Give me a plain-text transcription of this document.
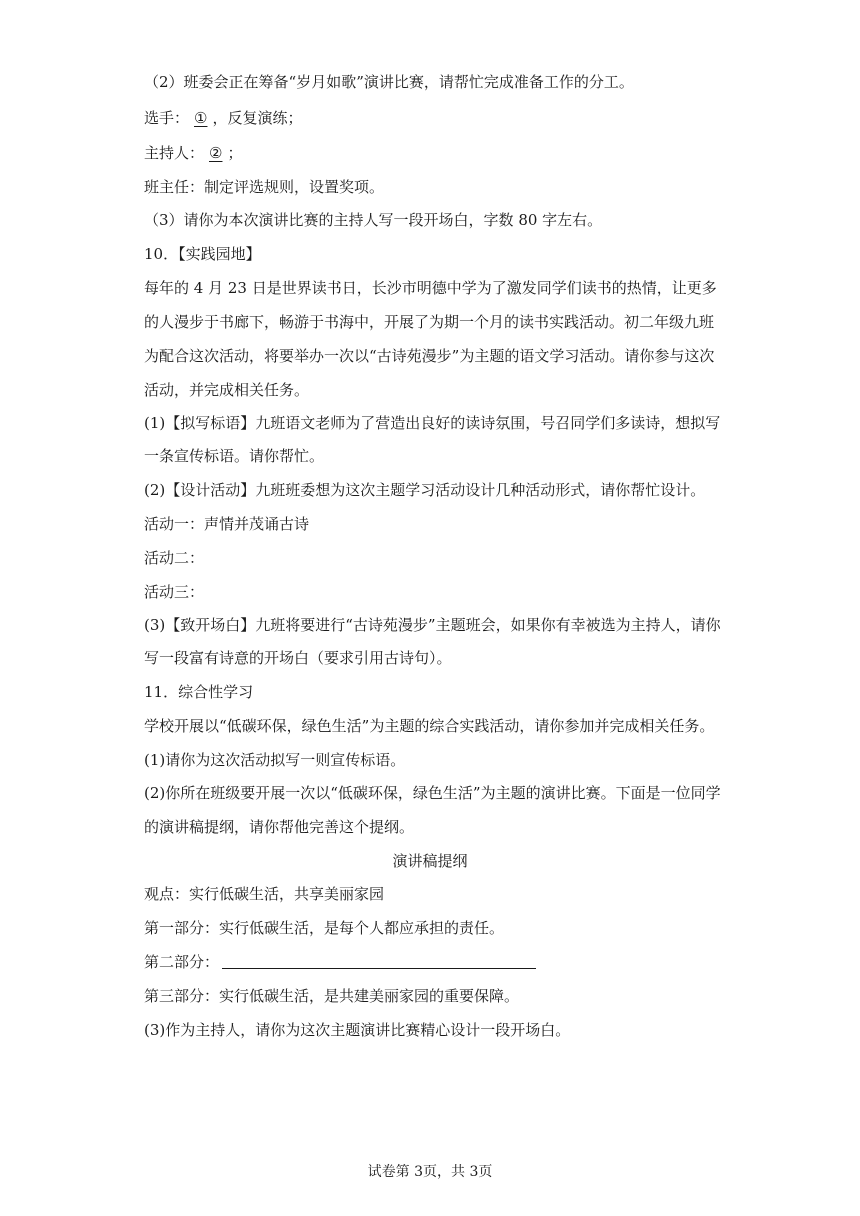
（2）班委会正在筹备“岁月如歌”演讲比赛，请帮忙完成准备工作的分工。
选手： ① ，反复演练；
主持人： ② ；
班主任：制定评选规则，设置奖项。
（3）请你为本次演讲比赛的主持人写一段开场白，字数 80 字左右。
10．【实践园地】
每年的 4 月 23 日是世界读书日，长沙市明德中学为了激发同学们读书的热情，让更多
的人漫步于书廊下，畅游于书海中，开展了为期一个月的读书实践活动。初二年级九班
为配合这次活动，将要举办一次以“古诗苑漫步”为主题的语文学习活动。请你参与这次
活动，并完成相关任务。
(1)【拟写标语】九班语文老师为了营造出良好的读诗氛围，号召同学们多读诗，想拟写
一条宣传标语。请你帮忙。
(2)【设计活动】九班班委想为这次主题学习活动设计几种活动形式，请你帮忙设计。
活动一：声情并茂诵古诗
活动二：
活动三：
(3)【致开场白】九班将要进行“古诗苑漫步”主题班会，如果你有幸被选为主持人，请你
写一段富有诗意的开场白（要求引用古诗句）。
11．综合性学习
学校开展以“低碳环保，绿色生活”为主题的综合实践活动，请你参加并完成相关任务。
(1)请你为这次活动拟写一则宣传标语。
(2)你所在班级要开展一次以“低碳环保，绿色生活”为主题的演讲比赛。下面是一位同学
的演讲稿提纲，请你帮他完善这个提纲。
演讲稿提纲
观点：实行低碳生活，共享美丽家园
第一部分：实行低碳生活，是每个人都应承担的责任。
第二部分：
第三部分：实行低碳生活，是共建美丽家园的重要保障。
(3)作为主持人，请你为这次主题演讲比赛精心设计一段开场白。
试卷第 3页，共 3页
